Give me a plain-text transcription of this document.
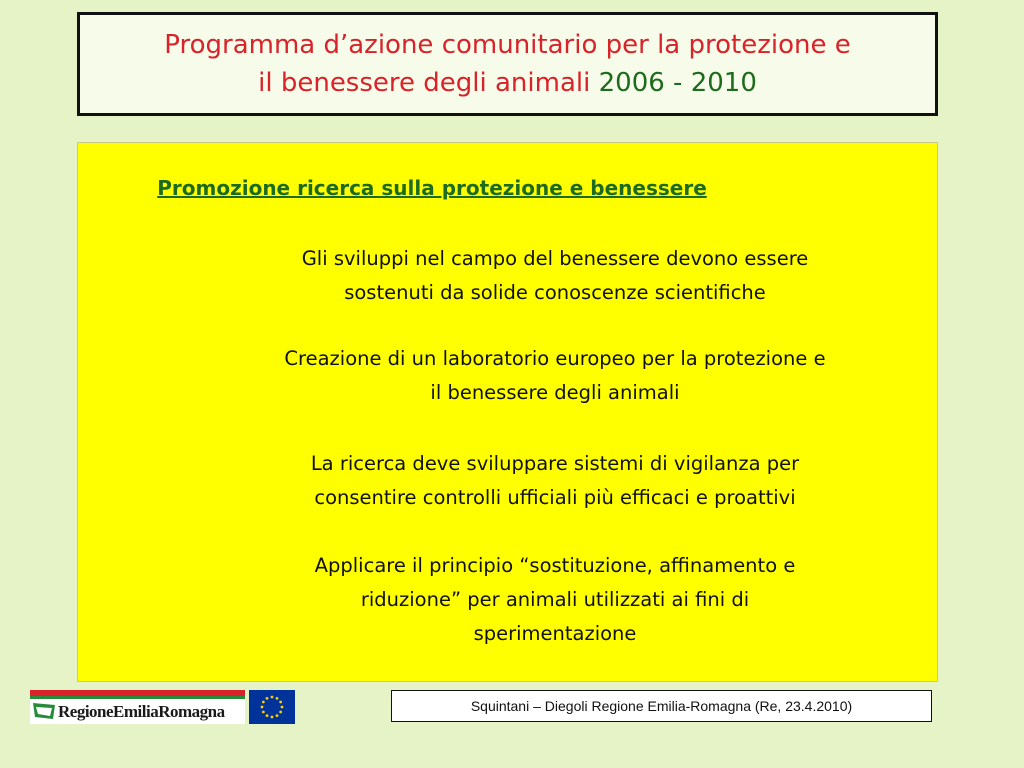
Programma d’azione comunitario per la protezione e
il benessere degli animali 2006 - 2010
Promozione ricerca sulla protezione e benessere
Gli sviluppi nel campo del benessere devono essere
sostenuti da solide conoscenze scientifiche
Creazione di un laboratorio europeo per la protezione e
il benessere degli animali
La ricerca deve sviluppare sistemi di vigilanza per
consentire controlli ufficiali più efficaci e proattivi
Applicare il principio “sostituzione, affinamento e
riduzione” per animali utilizzati ai fini di
sperimentazione
RegioneEmiliaRomagna	Squintani – Diegoli Regione Emilia-Romagna (Re, 23.4.2010)
